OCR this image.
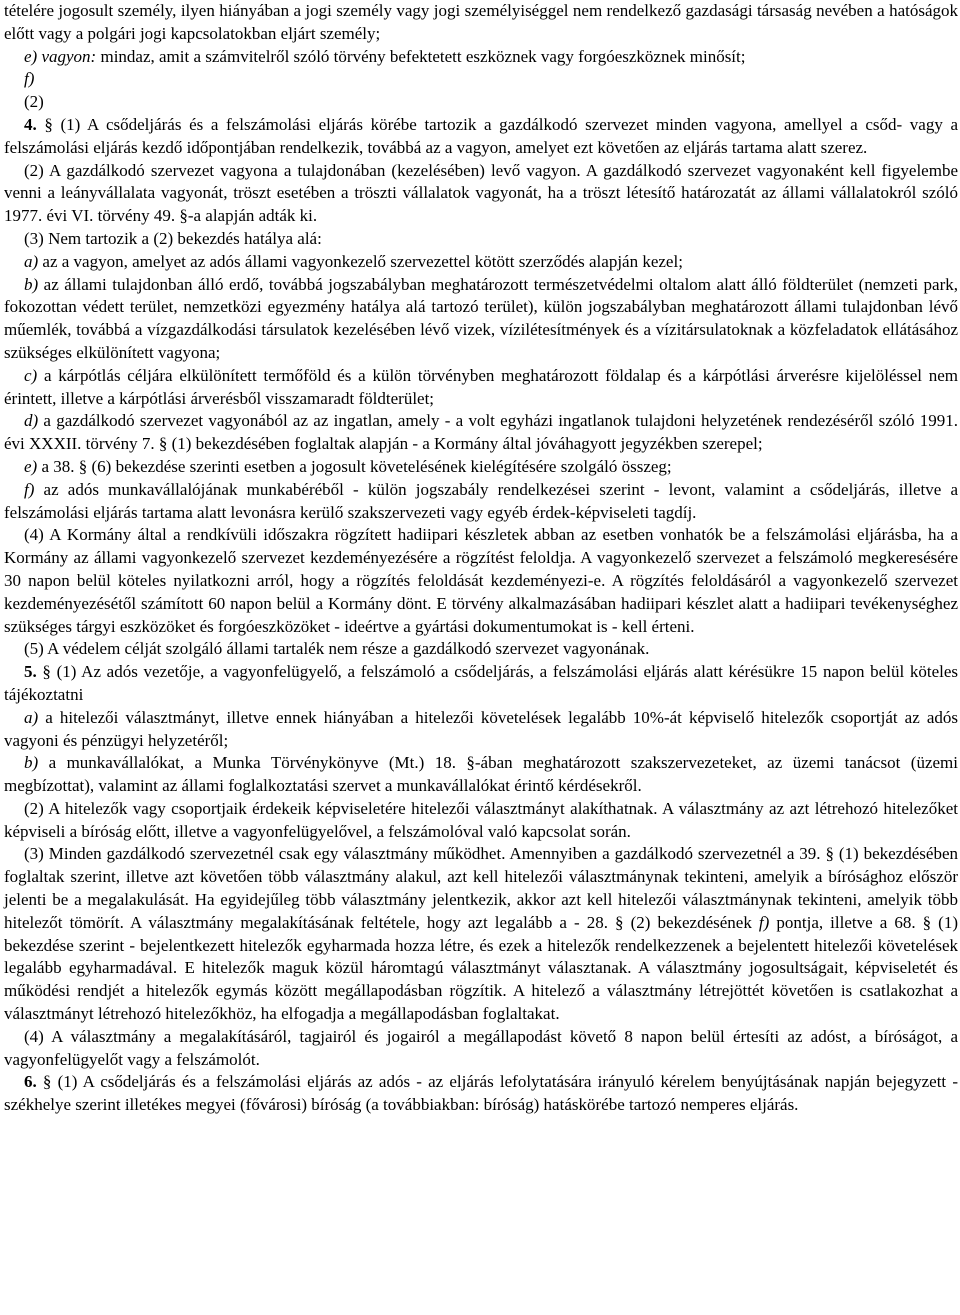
tételére jogosult személy, ilyen hiányában a jogi személy vagy jogi személyiséggel nem rendelkező gazdasági társaság nevében a hatóságok előtt vagy a polgári jogi kapcsolatokban eljárt személy;

e) vagyon: mindaz, amit a számvitelről szóló törvény befektetett eszköznek vagy forgóeszköznek minősít;

f)

(2)

4. § (1) A csődeljárás és a felszámolási eljárás körébe tartozik a gazdálkodó szervezet minden vagyona, amellyel a csőd- vagy a felszámolási eljárás kezdő időpontjában rendelkezik, továbbá az a vagyon, amelyet ezt követően az eljárás tartama alatt szerez.

(2) A gazdálkodó szervezet vagyona a tulajdonában (kezelésében) levő vagyon. A gazdálkodó szervezet vagyonaként kell figyelembe venni a leányvállalata vagyonát, tröszt esetében a tröszti vállalatok vagyonát, ha a tröszt létesítő határozatát az állami vállalatokról szóló 1977. évi VI. törvény 49. §-a alapján adták ki.

(3) Nem tartozik a (2) bekezdés hatálya alá:

a) az a vagyon, amelyet az adós állami vagyonkezelő szervezettel kötött szerződés alapján kezel;

b) az állami tulajdonban álló erdő, továbbá jogszabályban meghatározott természetvédelmi oltalom alatt álló földterület (nemzeti park, fokozottan védett terület, nemzetközi egyezmény hatálya alá tartozó terület), külön jogszabályban meghatározott állami tulajdonban lévő műemlék, továbbá a vízgazdálkodási társulatok kezelésében lévő vizek, vízilétesítmények és a vízitársulatoknak a közfeladatok ellátásához szükséges elkülönített vagyona;

c) a kárpótlás céljára elkülönített termőföld és a külön törvényben meghatározott földalap és a kárpótlási árverésre kijelöléssel nem érintett, illetve a kárpótlási árverésből visszamaradt földterület;

d) a gazdálkodó szervezet vagyonából az az ingatlan, amely - a volt egyházi ingatlanok tulajdoni helyzetének rendezéséről szóló 1991. évi XXXII. törvény 7. § (1) bekezdésében foglaltak alapján - a Kormány által jóváhagyott jegyzékben szerepel;

e) a 38. § (6) bekezdése szerinti esetben a jogosult követelésének kielégítésére szolgáló összeg;

f) az adós munkavállalójának munkabéréből - külön jogszabály rendelkezései szerint - levont, valamint a csődeljárás, illetve a felszámolási eljárás tartama alatt levonásra kerülő szakszervezeti vagy egyéb érdek-képviseleti tagdíj.

(4) A Kormány által a rendkívüli időszakra rögzített hadiipari készletek abban az esetben vonhatók be a felszámolási eljárásba, ha a Kormány az állami vagyonkezelő szervezet kezdeményezésére a rögzítést feloldja. A vagyonkezelő szervezet a felszámoló megkeresésére 30 napon belül köteles nyilatkozni arról, hogy a rögzítés feloldását kezdeményezi-e. A rögzítés feloldásáról a vagyonkezelő szervezet kezdeményezésétől számított 60 napon belül a Kormány dönt. E törvény alkalmazásában hadiipari készlet alatt a hadiipari tevékenységhez szükséges tárgyi eszközöket és forgóeszközöket - ideértve a gyártási dokumentumokat is - kell érteni.

(5) A védelem célját szolgáló állami tartalék nem része a gazdálkodó szervezet vagyonának.

5. § (1) Az adós vezetője, a vagyonfelügyelő, a felszámoló a csődeljárás, a felszámolási eljárás alatt kérésükre 15 napon belül köteles tájékoztatni

a) a hitelezői választmányt, illetve ennek hiányában a hitelezői követelések legalább 10%-át képviselő hitelezők csoportját az adós vagyoni és pénzügyi helyzetéről;

b) a munkavállalókat, a Munka Törvénykönyve (Mt.) 18. §-ában meghatározott szakszervezeteket, az üzemi tanácsot (üzemi megbízottat), valamint az állami foglalkoztatási szervet a munkavállalókat érintő kérdésekről.

(2) A hitelezők vagy csoportjaik érdekeik képviseletére hitelezői választmányt alakíthatnak. A választmány az azt létrehozó hitelezőket képviseli a bíróság előtt, illetve a vagyonfelügyelővel, a felszámolóval való kapcsolat során.

(3) Minden gazdálkodó szervezetnél csak egy választmány működhet. Amennyiben a gazdálkodó szervezetnél a 39. § (1) bekezdésében foglaltak szerint, illetve azt követően több választmány alakul, azt kell hitelezői választmánynak tekinteni, amelyik a bírósághoz először jelenti be a megalakulását. Ha egyidejűleg több választmány jelentkezik, akkor azt kell hitelezői választmánynak tekinteni, amelyik több hitelezőt tömörít. A választmány megalakításának feltétele, hogy azt legalább a - 28. § (2) bekezdésének f) pontja, illetve a 68. § (1) bekezdése szerint - bejelentkezett hitelezők egyharmada hozza létre, és ezek a hitelezők rendelkezzenek a bejelentett hitelezői követelések legalább egyharmadával. E hitelezők maguk közül háromtagú választmányt választanak. A választmány jogosultságait, képviseletét és működési rendjét a hitelezők egymás között megállapodásban rögzítik. A hitelező a választmány létrejöttét követően is csatlakozhat a választmányt létrehozó hitelezőkhöz, ha elfogadja a megállapodásban foglaltakat.

(4) A választmány a megalakításáról, tagjairól és jogairól a megállapodást követő 8 napon belül értesíti az adóst, a bíróságot, a vagyonfelügyelőt vagy a felszámolót.

6. § (1) A csődeljárás és a felszámolási eljárás az adós - az eljárás lefolytatására irányuló kérelem benyújtásának napján bejegyzett - székhelye szerint illetékes megyei (fővárosi) bíróság (a továbbiakban: bíróság) hatáskörébe tartozó nemperes eljárás.
